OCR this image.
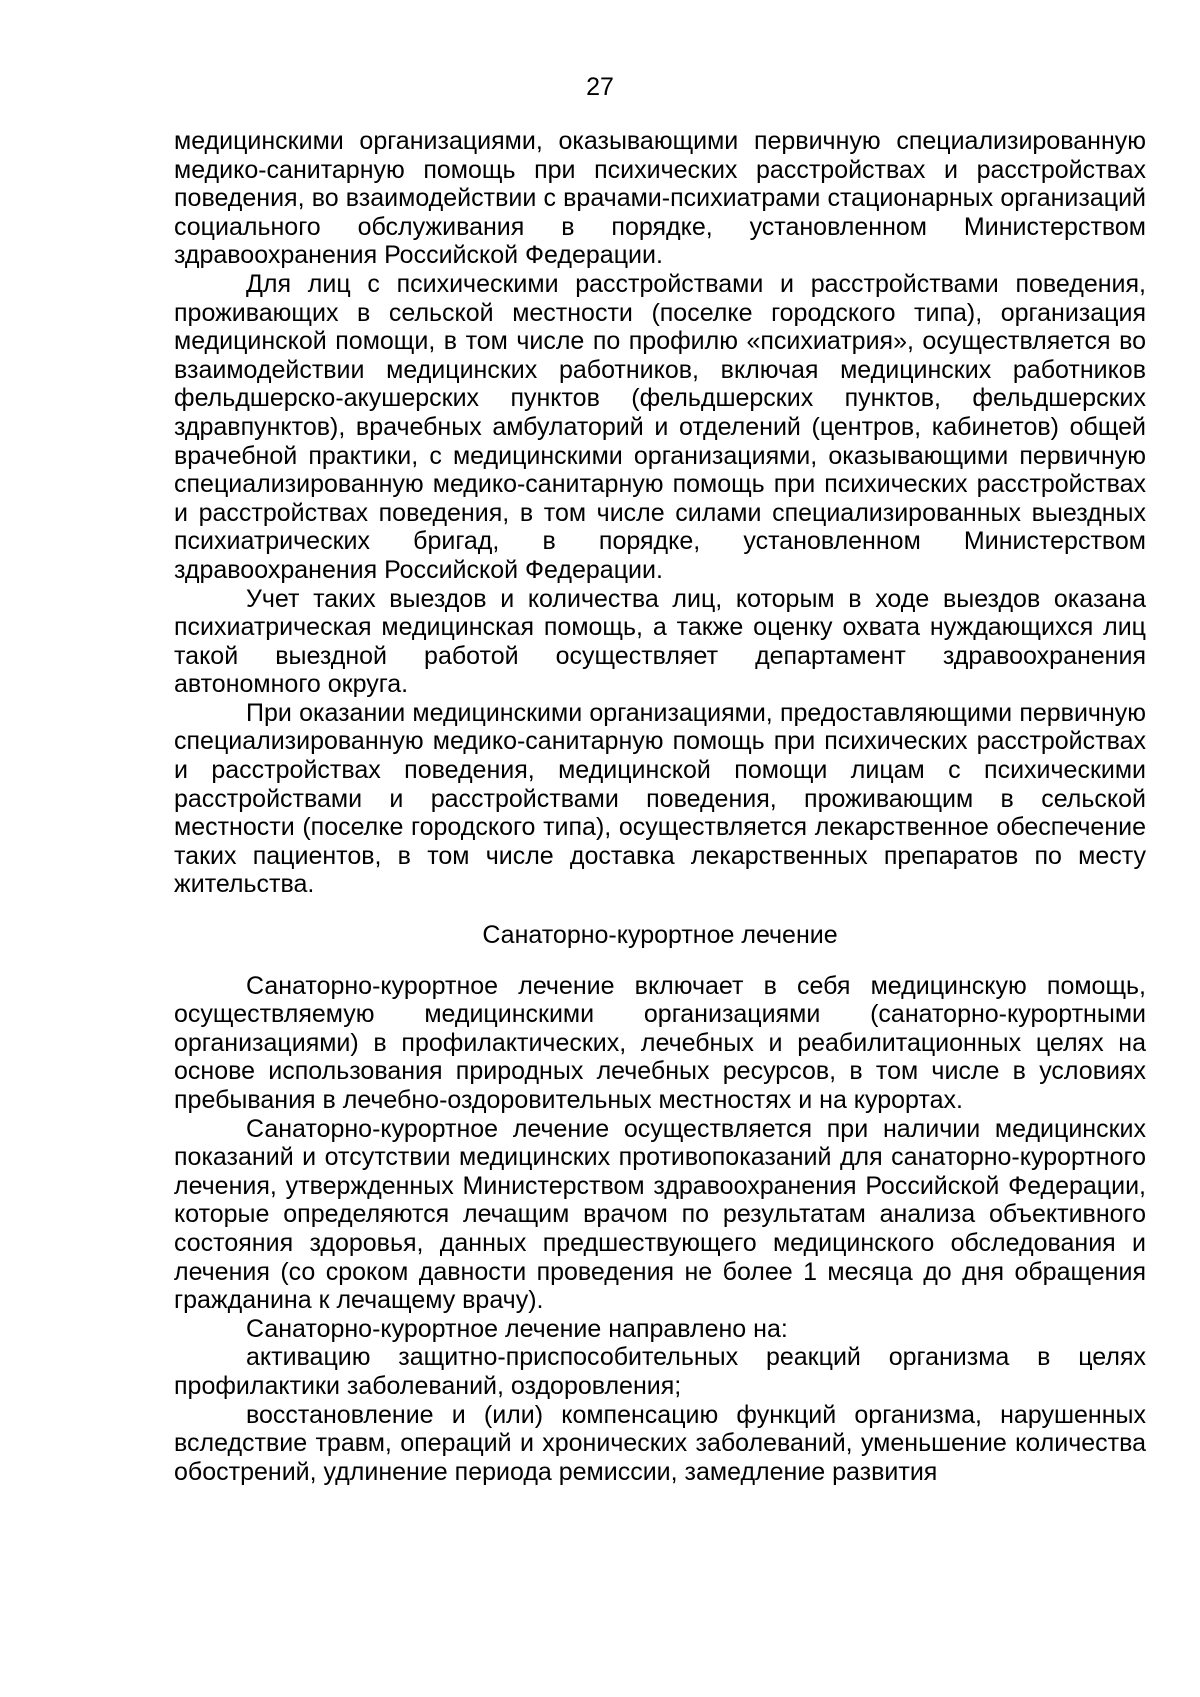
27

медицинскими организациями, оказывающими первичную специализированную медико-санитарную помощь при психических расстройствах и расстройствах поведения, во взаимодействии с врачами-психиатрами стационарных организаций социального обслуживания в порядке, установленном Министерством здравоохранения Российской Федерации.

Для лиц с психическими расстройствами и расстройствами поведения, проживающих в сельской местности (поселке городского типа), организация медицинской помощи, в том числе по профилю «психиатрия», осуществляется во взаимодействии медицинских работников, включая медицинских работников фельдшерско-акушерских пунктов (фельдшерских пунктов, фельдшерских здравпунктов), врачебных амбулаторий и отделений (центров, кабинетов) общей врачебной практики, с медицинскими организациями, оказывающими первичную специализированную медико-санитарную помощь при психических расстройствах и расстройствах поведения, в том числе силами специализированных выездных психиатрических бригад, в порядке, установленном Министерством здравоохранения Российской Федерации.

Учет таких выездов и количества лиц, которым в ходе выездов оказана психиатрическая медицинская помощь, а также оценку охвата нуждающихся лиц такой выездной работой осуществляет департамент здравоохранения автономного округа.

При оказании медицинскими организациями, предоставляющими первичную специализированную медико-санитарную помощь при психических расстройствах и расстройствах поведения, медицинской помощи лицам с психическими расстройствами и расстройствами поведения, проживающим в сельской местности (поселке городского типа), осуществляется лекарственное обеспечение таких пациентов, в том числе доставка лекарственных препаратов по месту жительства.

Санаторно-курортное лечение

Санаторно-курортное лечение включает в себя медицинскую помощь, осуществляемую медицинскими организациями (санаторно-курортными организациями) в профилактических, лечебных и реабилитационных целях на основе использования природных лечебных ресурсов, в том числе в условиях пребывания в лечебно-оздоровительных местностях и на курортах.

Санаторно-курортное лечение осуществляется при наличии медицинских показаний и отсутствии медицинских противопоказаний для санаторно-курортного лечения, утвержденных Министерством здравоохранения Российской Федерации, которые определяются лечащим врачом по результатам анализа объективного состояния здоровья, данных предшествующего медицинского обследования и лечения (со сроком давности проведения не более 1 месяца до дня обращения гражданина к лечащему врачу).

Санаторно-курортное лечение направлено на:

активацию защитно-приспособительных реакций организма в целях профилактики заболеваний, оздоровления;

восстановление и (или) компенсацию функций организма, нарушенных вследствие травм, операций и хронических заболеваний, уменьшение количества обострений, удлинение периода ремиссии, замедление развития
